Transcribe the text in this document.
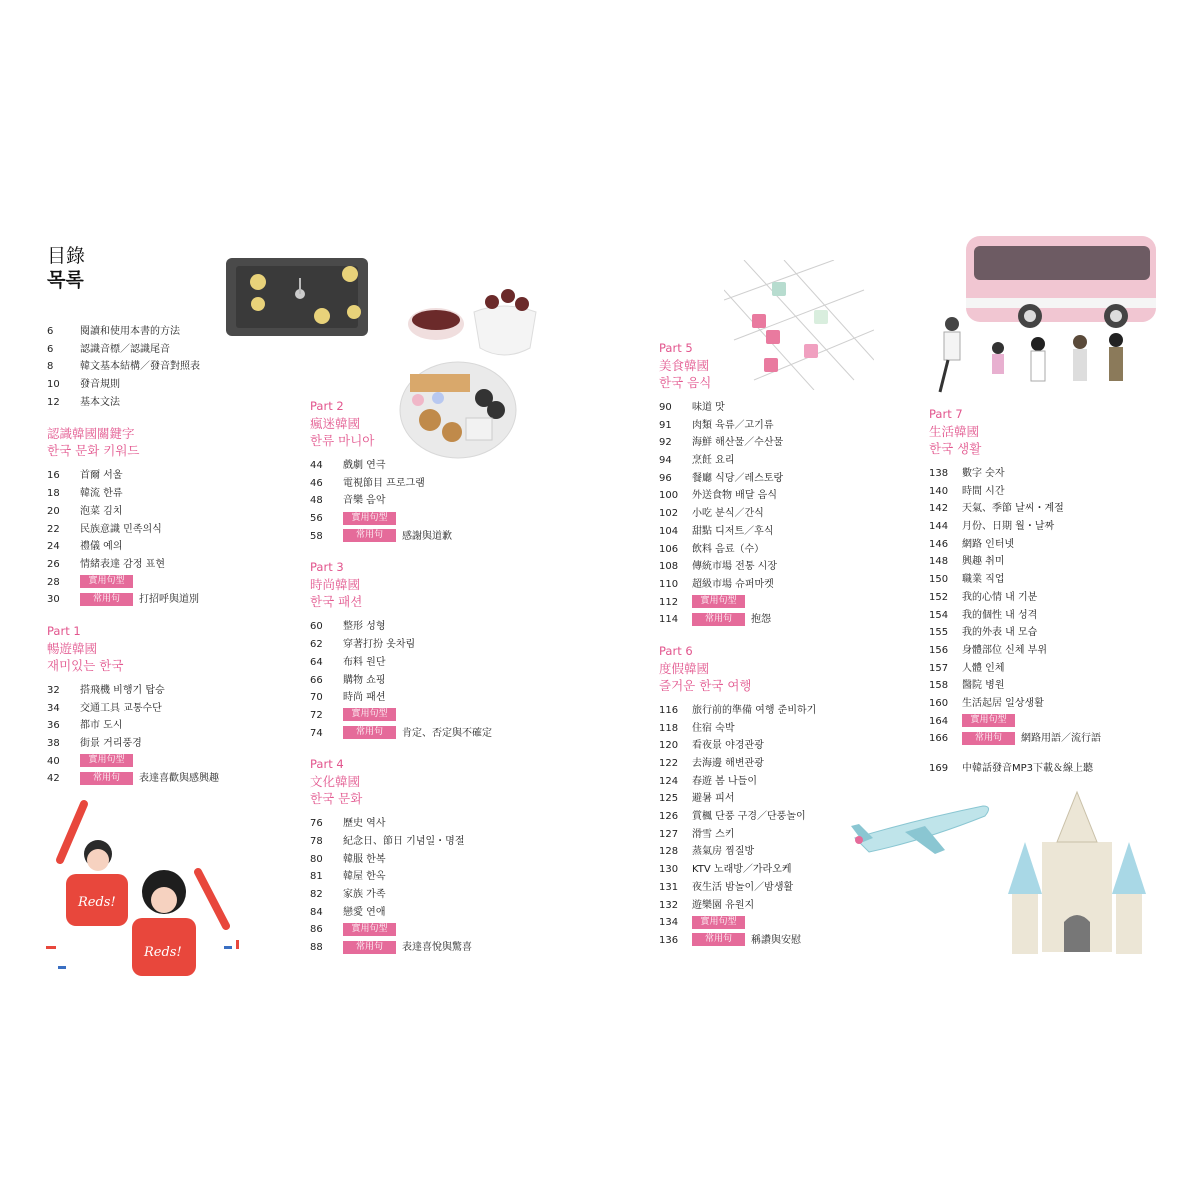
目錄
목록
6	閱讀和使用本書的方法
6	認識音標／認識尾音
8	韓文基本結構／發音對照表
10	發音規則
12	基本文法
認識韓國關鍵字
한국 문화 키워드
16	首爾 서울
18	韓流 한류
20	泡菜 김치
22	民族意識 민족의식
24	禮儀 예의
26	情緒表達 감정 표현
28	實用句型
30	常用句 打招呼與道別
Part 1
暢遊韓國
재미있는 한국
32	搭飛機 비행기 탑승
34	交通工具 교통수단
36	都市 도시
38	街景 거리풍경
40	實用句型
42	常用句 表達喜歡與感興趣
Part 2
瘋迷韓國
한류 마니아
44	戲劇 연극
46	電視節目 프로그램
48	音樂 음악
56	實用句型
58	常用句 感謝與道歉
Part 3
時尚韓國
한국 패션
60	整形 성형
62	穿著打扮 옷차림
64	布料 원단
66	購物 쇼핑
70	時尚 패션
72	實用句型
74	常用句 肯定、否定與不確定
Part 4
文化韓國
한국 문화
76	歷史 역사
78	紀念日、節日 기념일・명절
80	韓服 한복
81	韓屋 한옥
82	家族 가족
84	戀愛 연애
86	實用句型
88	常用句 表達喜悅與驚喜
Part 5
美食韓國
한국 음식
90	味道 맛
91	肉類 육류／고기류
92	海鮮 해산물／수산물
94	烹飪 요리
96	餐廳 식당／레스토랑
100	外送食物 배달 음식
102	小吃 분식／간식
104	甜點 디저트／후식
106	飲料 음료（수）
108	傳統市場 전통 시장
110	超級市場 슈퍼마켓
112	實用句型
114	常用句 抱怨
Part 6
度假韓國
즐거운 한국 여행
116	旅行前的準備 여행 준비하기
118	住宿 숙박
120	看夜景 야경관광
122	去海邊 해변관광
124	春遊 봄 나들이
125	避暑 피서
126	賞楓 단풍 구경／단풍놀이
127	滑雪 스키
128	蒸氣房 찜질방
130	KTV 노래방／가라오케
131	夜生活 밤놀이／밤생활
132	遊樂園 유원지
134	實用句型
136	常用句 稱讚與安慰
Part 7
生活韓國
한국 생활
138	數字 숫자
140	時間 시간
142	天氣、季節 날씨・계절
144	月份、日期 월・날짜
146	網路 인터넷
148	興趣 취미
150	職業 직업
152	我的心情 내 기분
154	我的個性 내 성격
155	我的外表 내 모습
156	身體部位 신체 부위
157	人體 인체
158	醫院 병원
160	生活起居 일상생활
164	實用句型
166	常用句 網路用語／流行語
169	中韓話發音MP3下載＆線上聽
Reds!
Reds!
